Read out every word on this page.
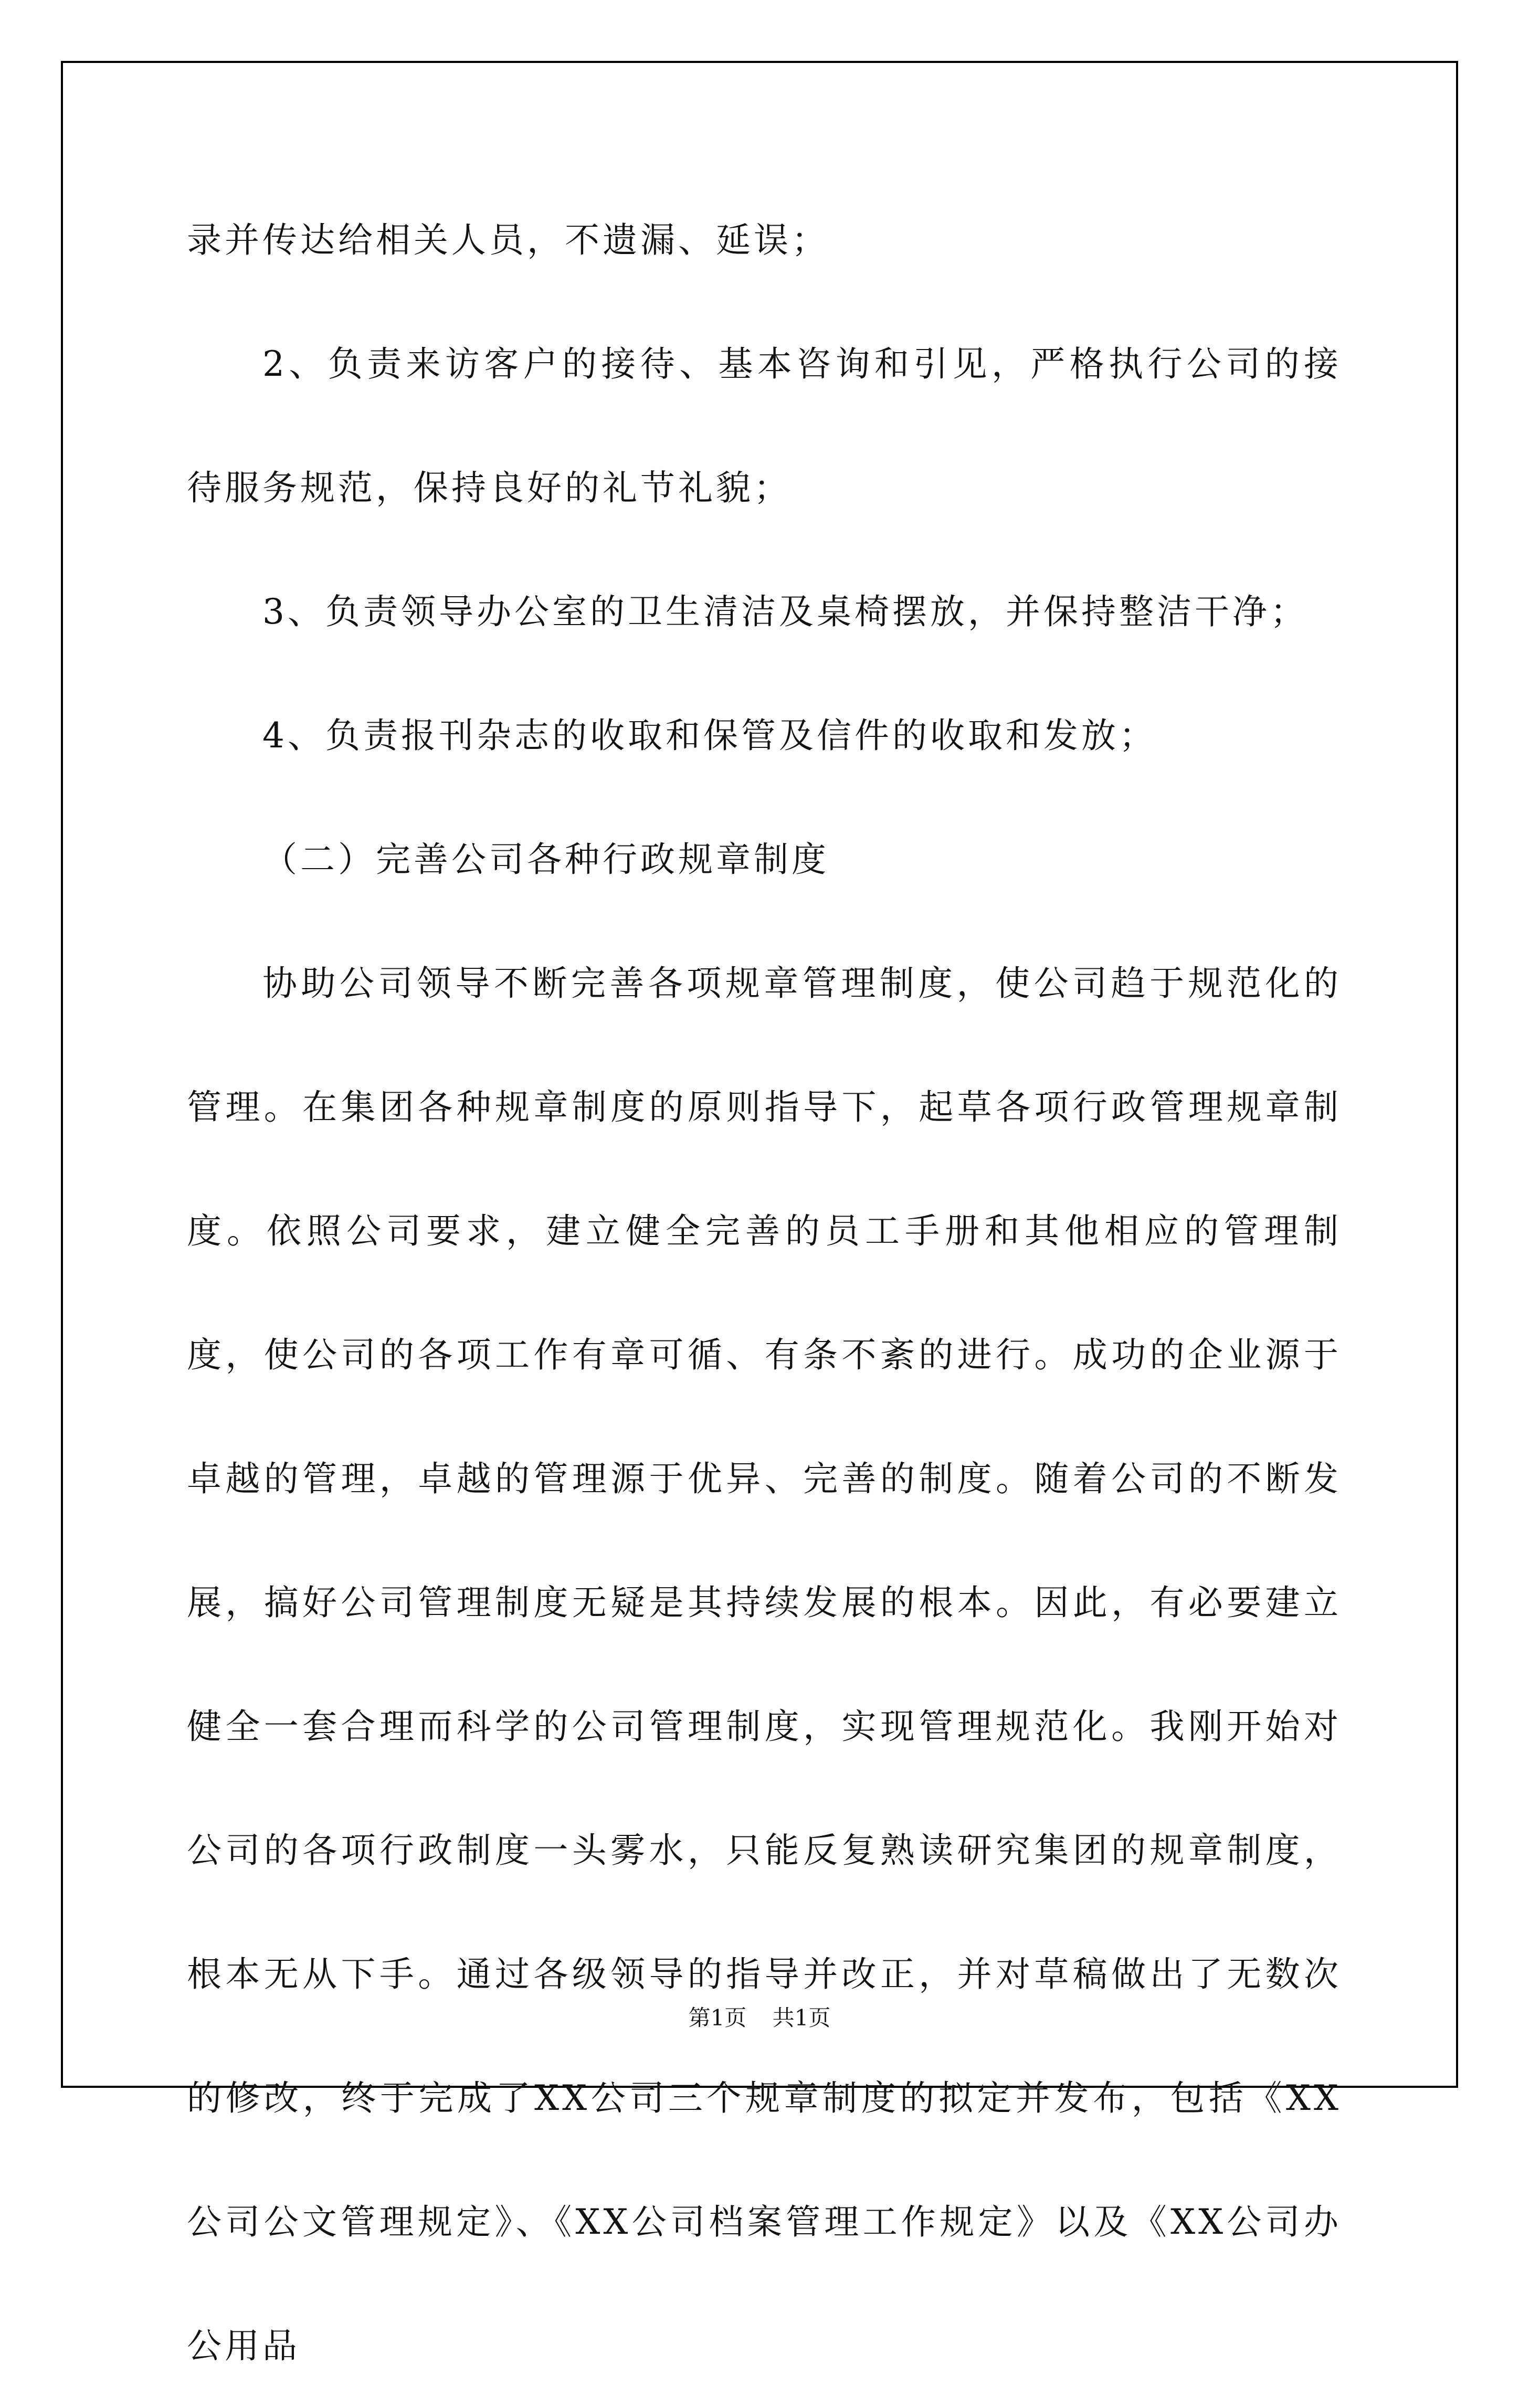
录并传达给相关人员，不遗漏、延误；

2、负责来访客户的接待、基本咨询和引见，严格执行公司的接待服务规范，保持良好的礼节礼貌；

3、负责领导办公室的卫生清洁及桌椅摆放，并保持整洁干净；

4、负责报刊杂志的收取和保管及信件的收取和发放；

（二）完善公司各种行政规章制度

协助公司领导不断完善各项规章管理制度，使公司趋于规范化的管理。在集团各种规章制度的原则指导下，起草各项行政管理规章制度。依照公司要求，建立健全完善的员工手册和其他相应的管理制度，使公司的各项工作有章可循、有条不紊的进行。成功的企业源于卓越的管理，卓越的管理源于优异、完善的制度。随着公司的不断发展，搞好公司管理制度无疑是其持续发展的根本。因此，有必要建立健全一套合理而科学的公司管理制度，实现管理规范化。我刚开始对公司的各项行政制度一头雾水，只能反复熟读研究集团的规章制度，根本无从下手。通过各级领导的指导并改正，并对草稿做出了无数次的修改，终于完成了XX公司三个规章制度的拟定并发布，包括《XX公司公文管理规定》、《XX公司档案管理工作规定》以及《XX公司办公用品

第1页 共1页
